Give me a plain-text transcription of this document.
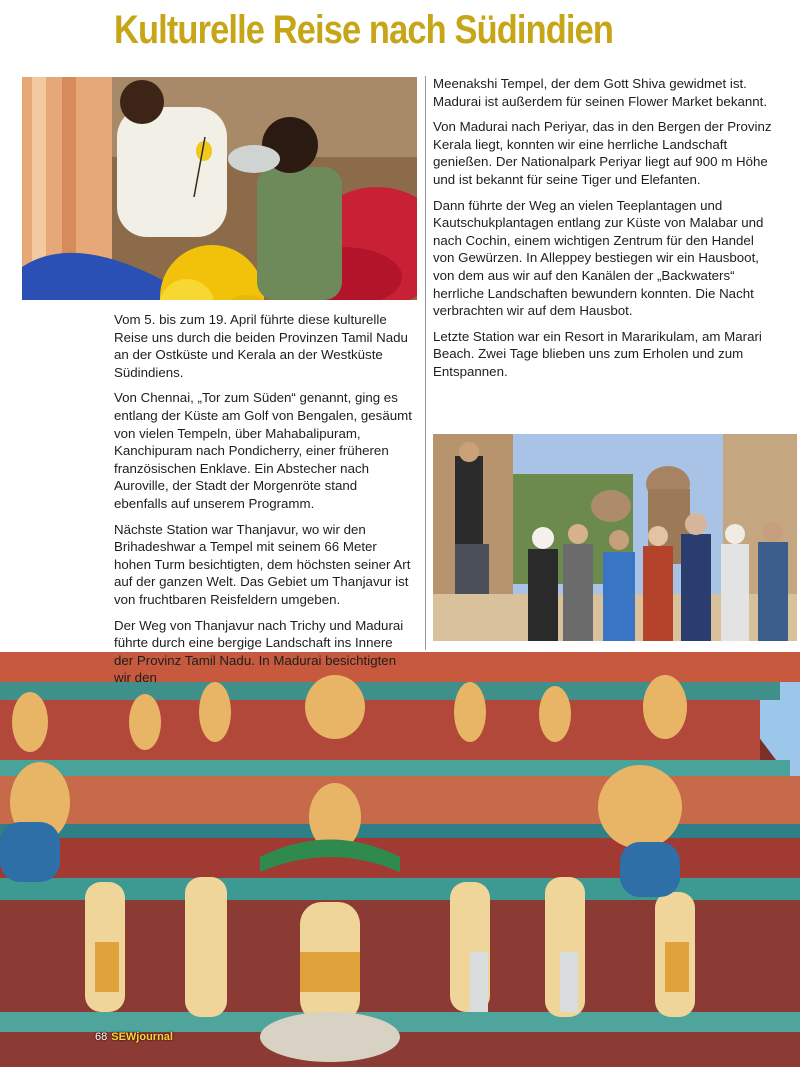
Kulturelle Reise nach Südindien

Vom 5. bis zum 19. April führte diese kulturelle Reise uns durch die beiden Provinzen Tamil Nadu an der Ostküste und Kerala an der Westküste Südindiens.

Von Chennai, „Tor zum Süden“ genannt, ging es entlang der Küste am Golf von Bengalen, gesäumt von vielen Tempeln, über Mahabalipuram, Kanchipuram nach Pondicherry, einer früheren französischen Enklave. Ein Abstecher nach Auroville, der Stadt der Morgenröte stand ebenfalls auf unserem Programm.

Nächste Station war Thanjavur, wo wir den Brihadeshwar a Tempel mit seinem 66 Meter hohen Turm besichtigten, dem höchsten seiner Art auf der ganzen Welt. Das Gebiet um Thanjavur ist von fruchtbaren Reisfeldern umgeben.

Der Weg von Thanjavur nach Trichy und Madurai führte durch eine bergige Landschaft ins Innere der Provinz Tamil Nadu. In Madurai besichtigten wir den

Meenakshi Tempel, der dem Gott Shiva gewidmet ist. Madurai ist außerdem für seinen Flower Market bekannt.

Von Madurai nach Periyar, das in den Bergen der Provinz Kerala liegt, konnten wir eine herrliche Landschaft genießen. Der Nationalpark Periyar liegt auf 900 m Höhe und ist bekannt für seine Tiger und Elefanten.

Dann führte der Weg an vielen Teeplantagen und Kautschukplantagen entlang zur Küste von Malabar und nach Cochin, einem wichtigen Zentrum für den Handel von Gewürzen. In Alleppey bestiegen wir ein Hausboot, von dem aus wir auf den Kanälen der „Backwaters“ herrliche Landschaften bewundern konnten. Die Nacht verbrachten wir auf dem Hausbot.

Letzte Station war ein Resort in Mararikulam, am Marari Beach. Zwei Tage blieben uns zum Erholen und zum Entspannen.

68 SEWjournal
